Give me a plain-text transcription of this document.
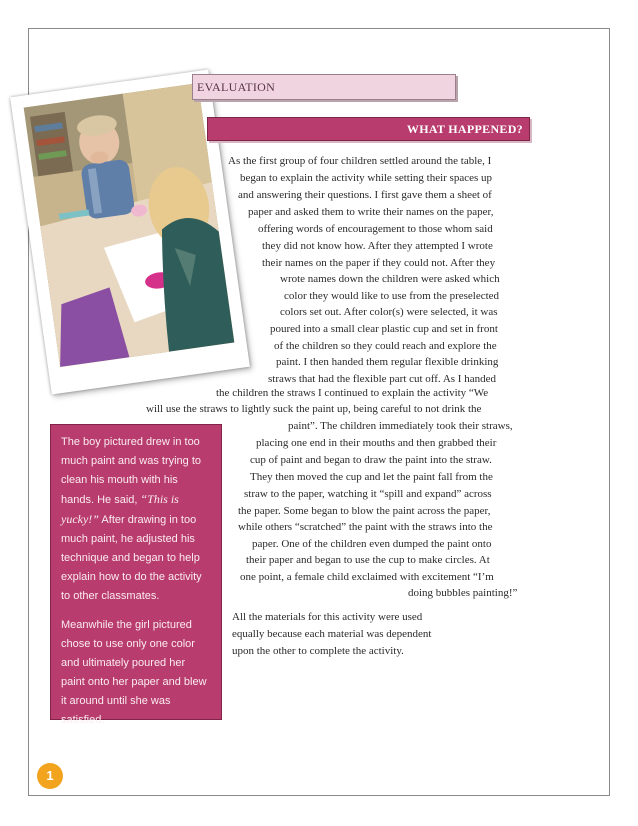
EVALUATION
WHAT HAPPENED?
As the first group of four children settled around the table, I
began to explain the activity while setting their spaces up
and answering their questions. I first gave them a sheet of
paper and asked them to write their names on the paper,
offering words of encouragement to those whom said
they did not know how. After they attempted I wrote
their names on the paper if they could not. After they
wrote names down the children were asked which
color they would like to use from the preselected
colors set out. After color(s) were selected, it was
poured into a small clear plastic cup and set in front
of the children so they could reach and explore the
paint. I then handed them regular flexible drinking
straws that had the flexible part cut off. As I handed
the children the straws I continued to explain the activity “We
will use the straws to lightly suck the paint up, being careful to not drink the
paint”. The children immediately took their straws,
placing one end in their mouths and then grabbed their
cup of paint and began to draw the paint into the straw.
They then moved the cup and let the paint fall from the
straw to the paper, watching it “spill and expand” across
the paper. Some began to blow the paint across the paper,
while others “scratched” the paint with the straws into the
paper. One of the children even dumped the paint onto
their paper and began to use the cup to make circles. At
one point, a female child exclaimed with excitement “I’m
doing bubbles painting!”

The boy pictured drew in too
much paint and was trying to
clean his mouth with his
hands. He said, “This is
yucky!” After drawing in too
much paint, he adjusted his
technique and began to help
explain how to do the activity
to other classmates.

Meanwhile the girl pictured
chose to use only one color
and ultimately poured her
paint onto her paper and blew
it around until she was
satisfied.

All the materials for this activity were used equally because each material was dependent upon the other to complete the activity.
1
